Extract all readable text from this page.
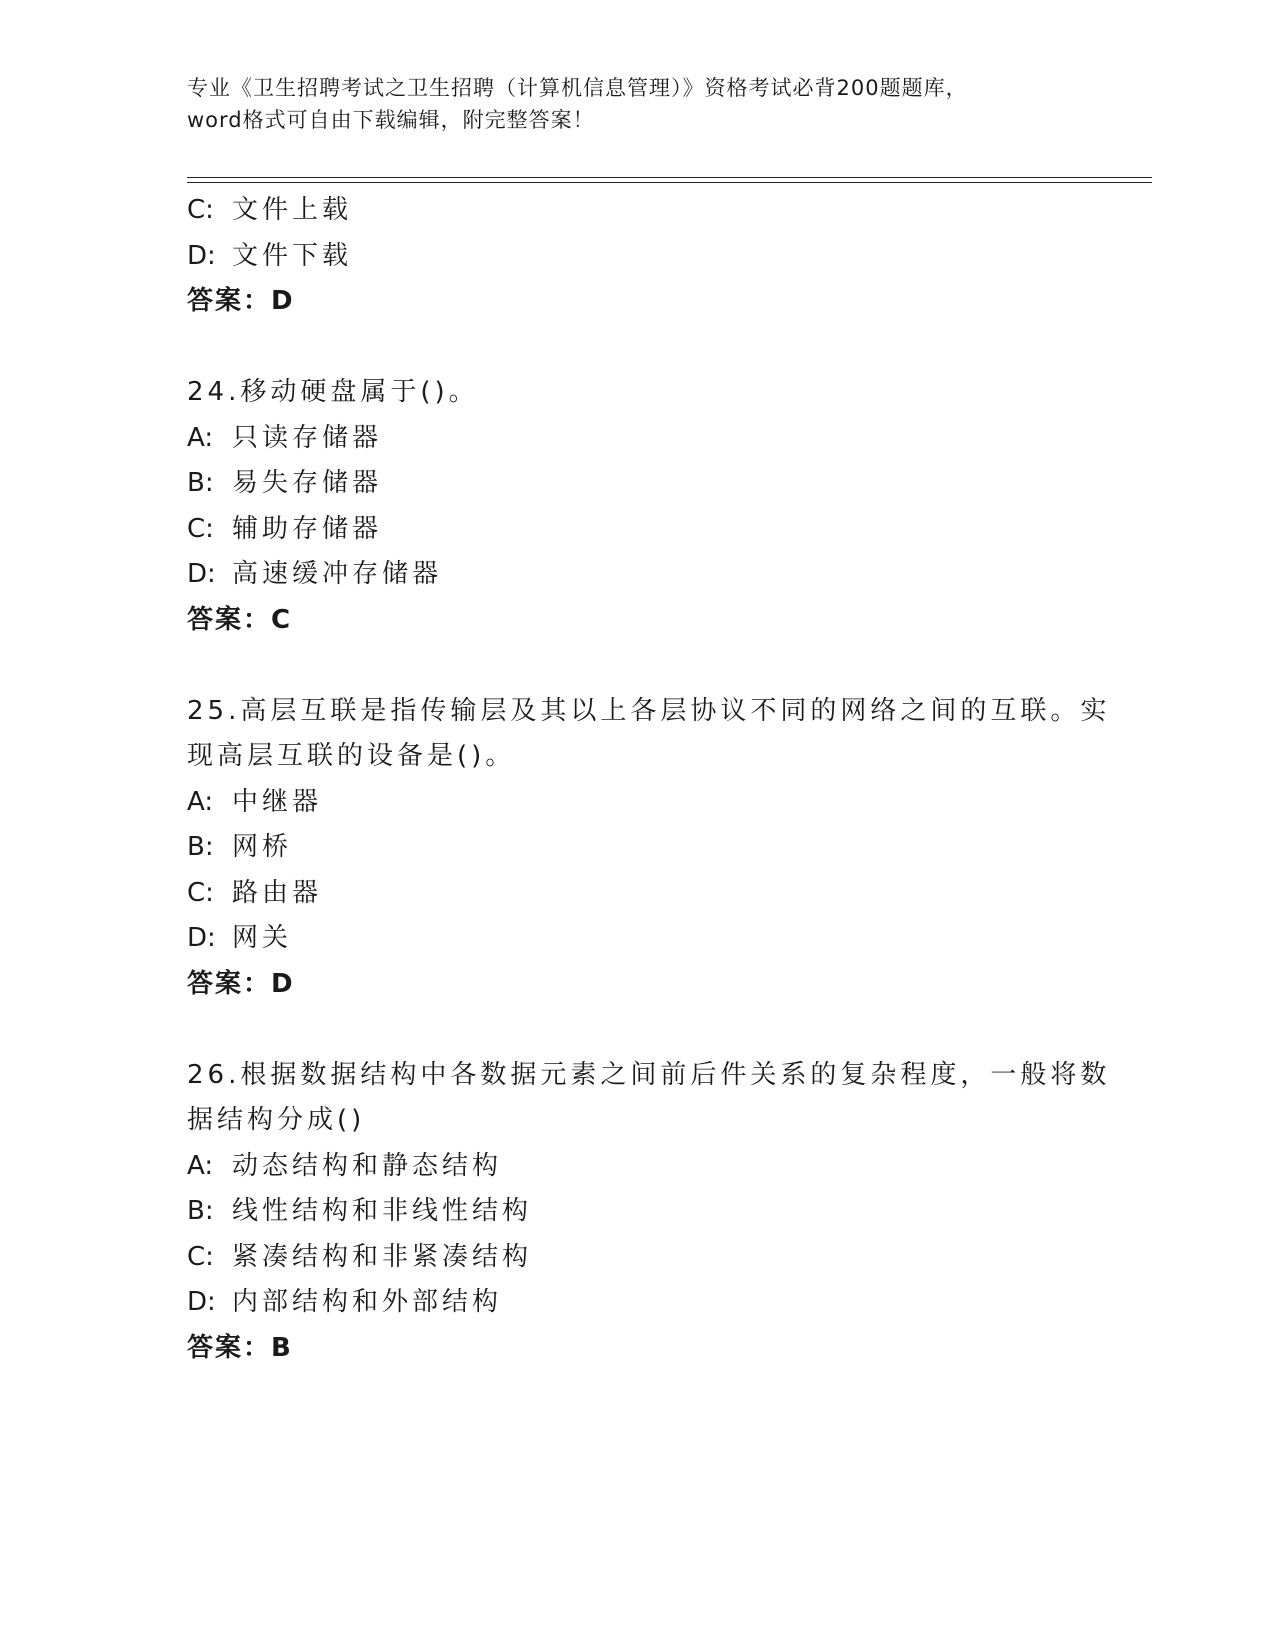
专业《卫生招聘考试之卫生招聘（计算机信息管理）》资格考试必背200题题库，
word格式可自由下载编辑，附完整答案！
C: 文件上载
D: 文件下载
答案：D
24.移动硬盘属于()。
A: 只读存储器
B: 易失存储器
C: 辅助存储器
D: 高速缓冲存储器
答案：C
25.高层互联是指传输层及其以上各层协议不同的网络之间的互联。实
现高层互联的设备是()。
A: 中继器
B: 网桥
C: 路由器
D: 网关
答案：D
26.根据数据结构中各数据元素之间前后件关系的复杂程度，一般将数
据结构分成()
A: 动态结构和静态结构
B: 线性结构和非线性结构
C: 紧凑结构和非紧凑结构
D: 内部结构和外部结构
答案：B
